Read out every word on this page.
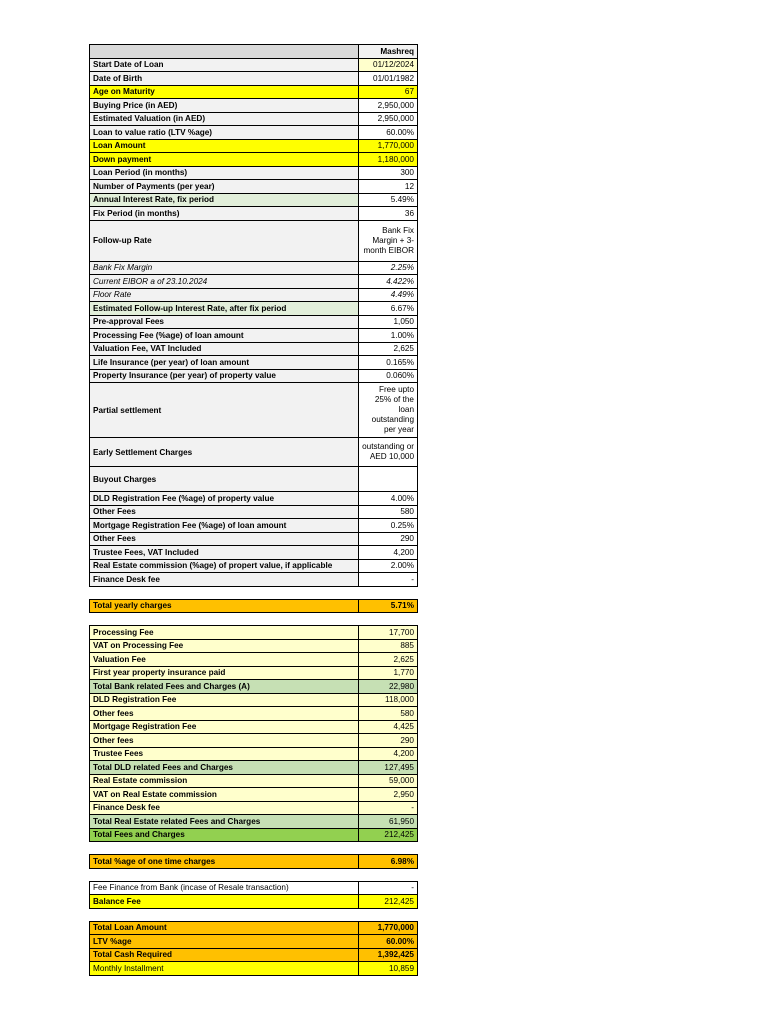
	Mashreq
Start Date of Loan	01/12/2024
Date of Birth	01/01/1982
Age on Maturity	67
Buying Price (in AED)	2,950,000
Estimated Valuation (in AED)	2,950,000
Loan to value ratio (LTV %age)	60.00%
Loan Amount	1,770,000
Down payment	1,180,000
Loan Period (in months)	300
Number of Payments (per year)	12
Annual Interest Rate, fix period	5.49%
Fix Period (in months)	36
Follow-up Rate	Bank Fix Margin + 3-month EIBOR
Bank Fix Margin	2.25%
Current EIBOR a of 23.10.2024	4.422%
Floor Rate	4.49%
Estimated Follow-up Interest Rate, after fix period	6.67%
Pre-approval Fees	1,050
Processing Fee (%age) of loan amount	1.00%
Valuation Fee, VAT Included	2,625
Life Insurance (per year) of loan amount	0.165%
Property Insurance (per year) of property value	0.060%
Partial settlement	Free upto 25% of the loan outstanding per year
Early Settlement Charges	outstanding or AED 10,000
Buyout Charges	
DLD Registration Fee (%age) of property value	4.00%
Other Fees	580
Mortgage Registration Fee (%age) of loan amount	0.25%
Other Fees	290
Trustee Fees, VAT Included	4,200
Real Estate commission (%age) of propert value, if applicable	2.00%
Finance Desk fee	-
Total yearly charges	5.71%
Processing Fee	17,700
VAT on Processing Fee	885
Valuation Fee	2,625
First year property insurance paid	1,770
Total Bank related Fees and Charges (A)	22,980
DLD Registration Fee	118,000
Other fees	580
Mortgage Registration Fee	4,425
Other fees	290
Trustee Fees	4,200
Total DLD related Fees and Charges	127,495
Real Estate commission	59,000
VAT on Real Estate commission	2,950
Finance Desk fee	-
Total Real Estate related Fees and Charges	61,950
Total Fees and Charges	212,425
Total %age of one time charges	6.98%
Fee Finance from Bank (incase of Resale transaction)	-
Balance Fee	212,425
Total Loan Amount	1,770,000
LTV %age	60.00%
Total Cash Required	1,392,425
Monthly Installment	10,859
